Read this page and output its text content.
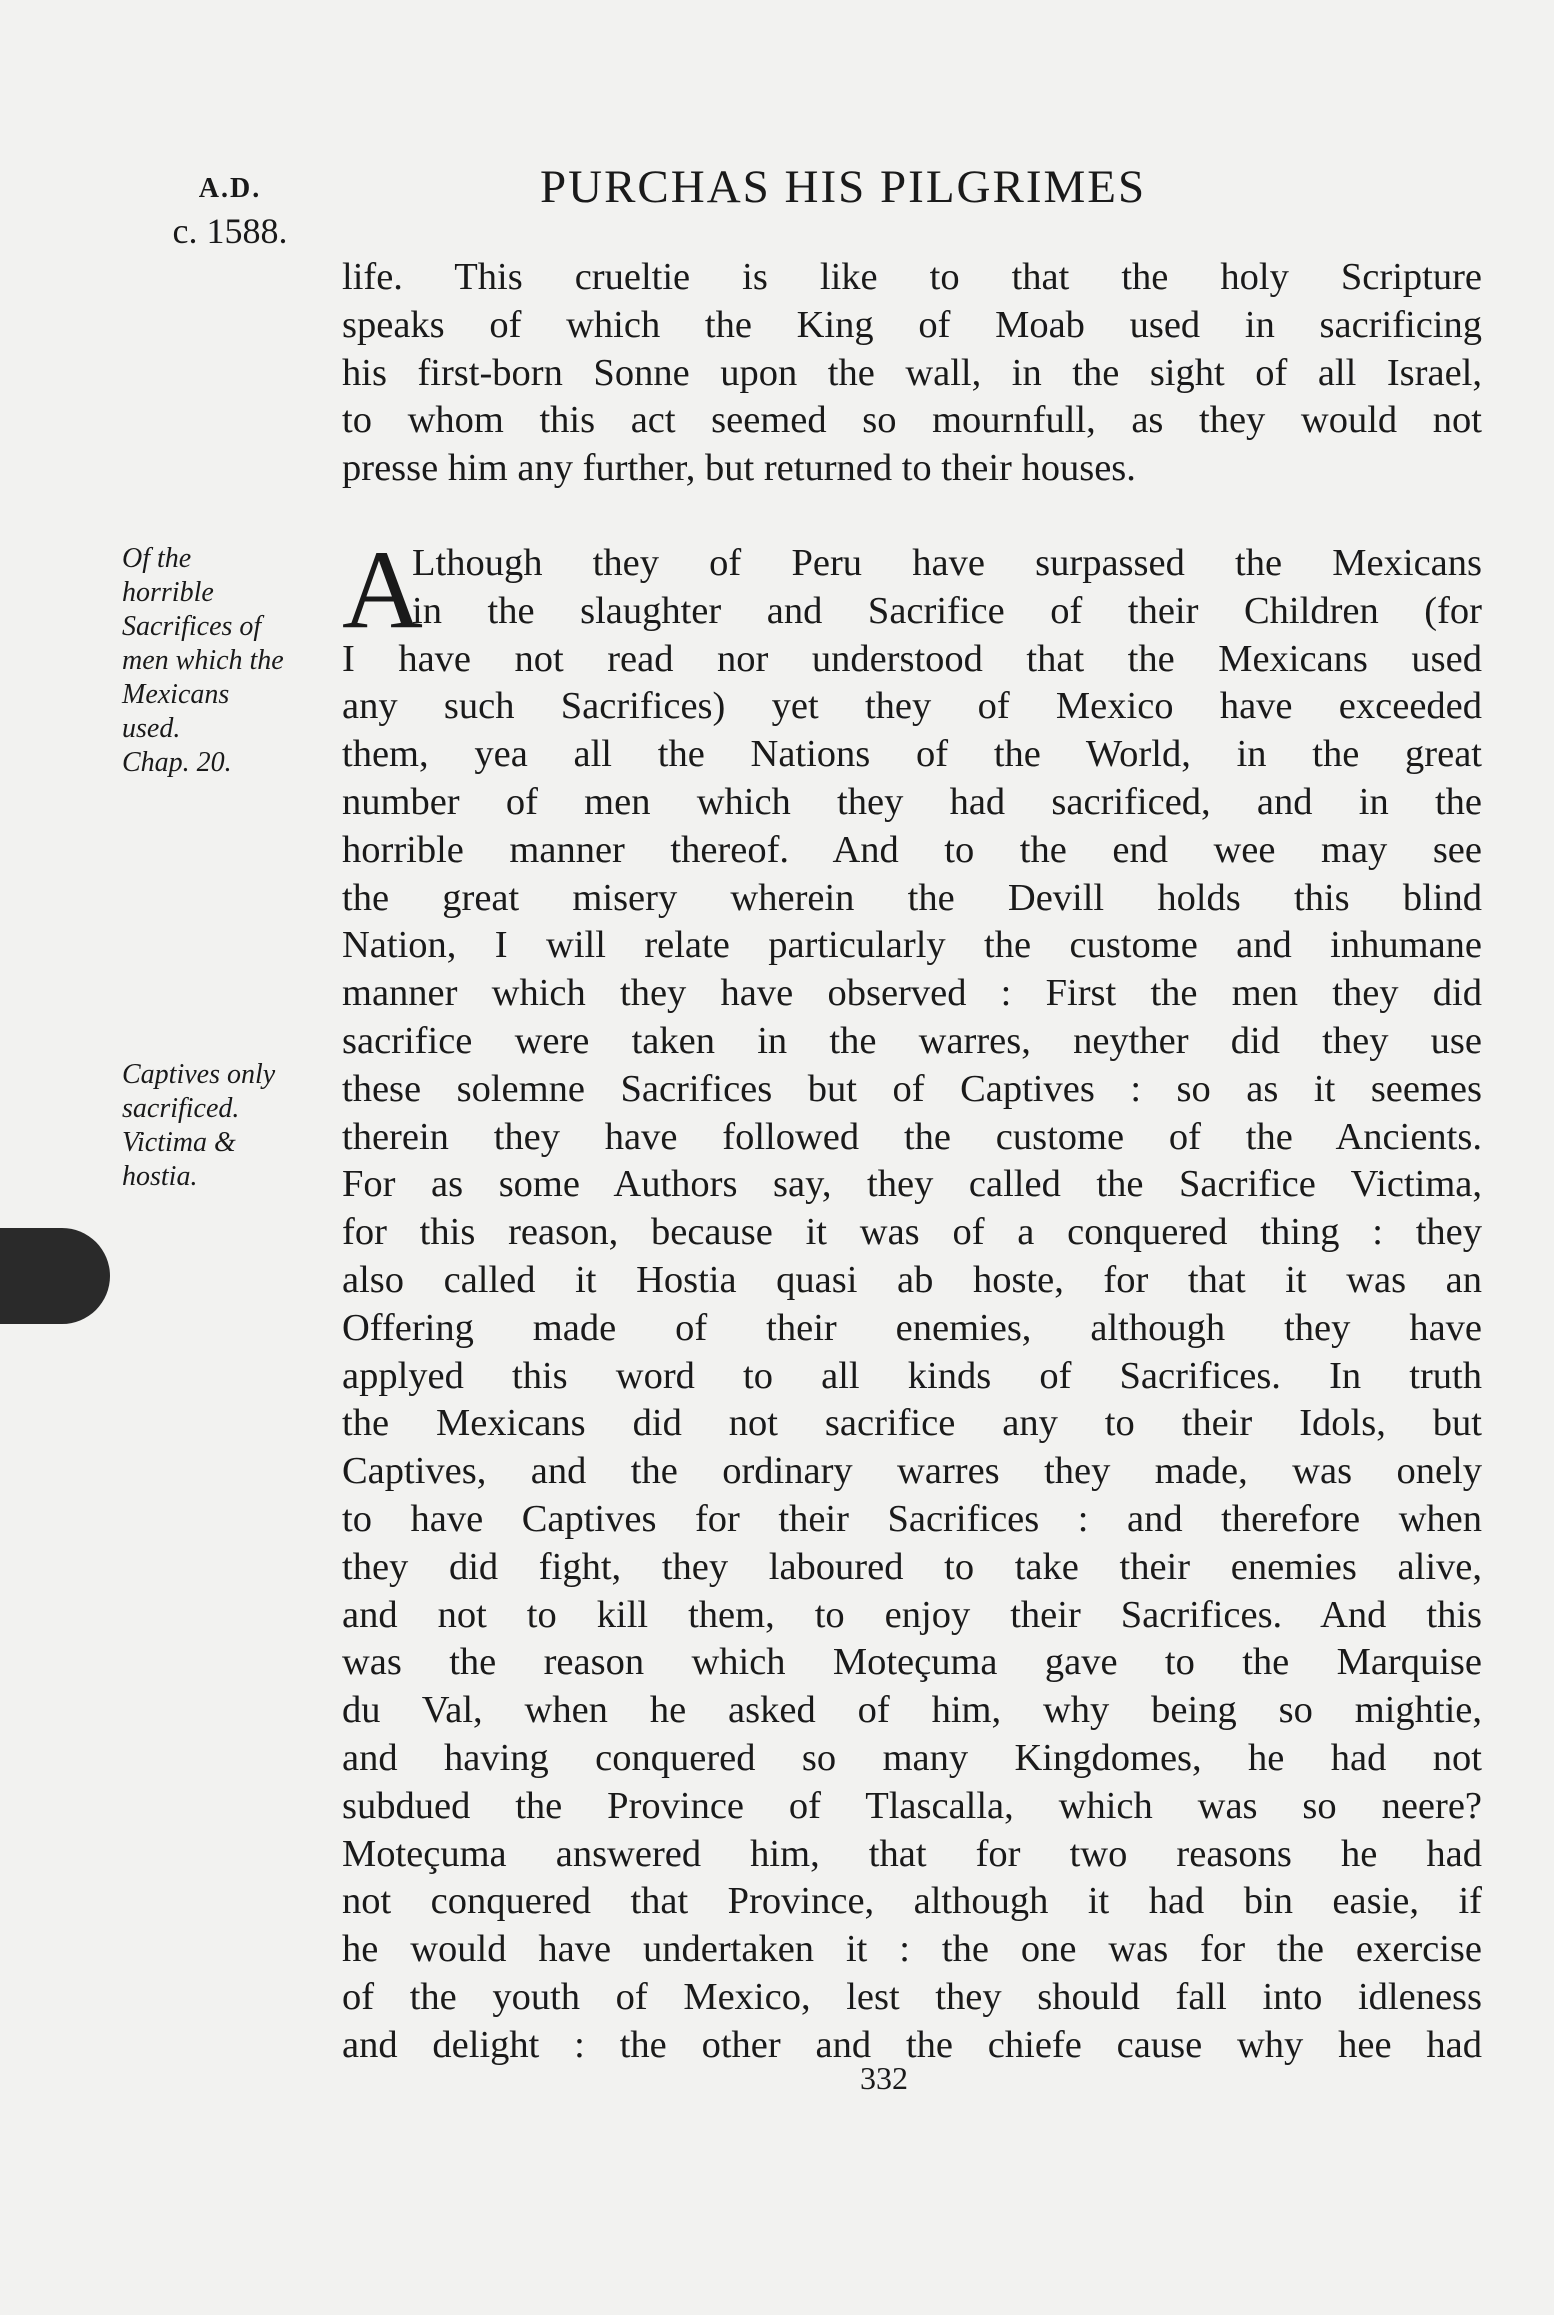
A.D.
c. 1588.
PURCHAS HIS PILGRIMES
life. This crueltie is like to that the holy Scripture
speaks of which the King of Moab used in sacrificing
his first-born Sonne upon the wall, in the sight of all Israel,
to whom this act seemed so mournfull, as they would not
presse him any further, but returned to their houses.
A
Lthough they of Peru have surpassed the Mexicans
in the slaughter and Sacrifice of their Children (for
I have not read nor understood that the Mexicans used
any such Sacrifices) yet they of Mexico have exceeded
them, yea all the Nations of the World, in the great
number of men which they had sacrificed, and in the
horrible manner thereof. And to the end wee may see
the great misery wherein the Devill holds this blind
Nation, I will relate particularly the custome and inhumane
manner which they have observed : First the men they did
sacrifice were taken in the warres, neyther did they use
these solemne Sacrifices but of Captives : so as it seemes
therein they have followed the custome of the Ancients.
For as some Authors say, they called the Sacrifice Victima,
for this reason, because it was of a conquered thing : they
also called it Hostia quasi ab hoste, for that it was an
Offering made of their enemies, although they have
applyed this word to all kinds of Sacrifices. In truth
the Mexicans did not sacrifice any to their Idols, but
Captives, and the ordinary warres they made, was onely
to have Captives for their Sacrifices : and therefore when
they did fight, they laboured to take their enemies alive,
and not to kill them, to enjoy their Sacrifices. And this
was the reason which Moteçuma gave to the Marquise
du Val, when he asked of him, why being so mightie,
and having conquered so many Kingdomes, he had not
subdued the Province of Tlascalla, which was so neere?
Moteçuma answered him, that for two reasons he had
not conquered that Province, although it had bin easie, if
he would have undertaken it : the one was for the exercise
of the youth of Mexico, lest they should fall into idleness
and delight : the other and the chiefe cause why hee had
Of the
horrible
Sacrifices of
men which the
Mexicans
used.
Chap. 20.
Captives only
sacrificed.
Victima &
hostia.
332
